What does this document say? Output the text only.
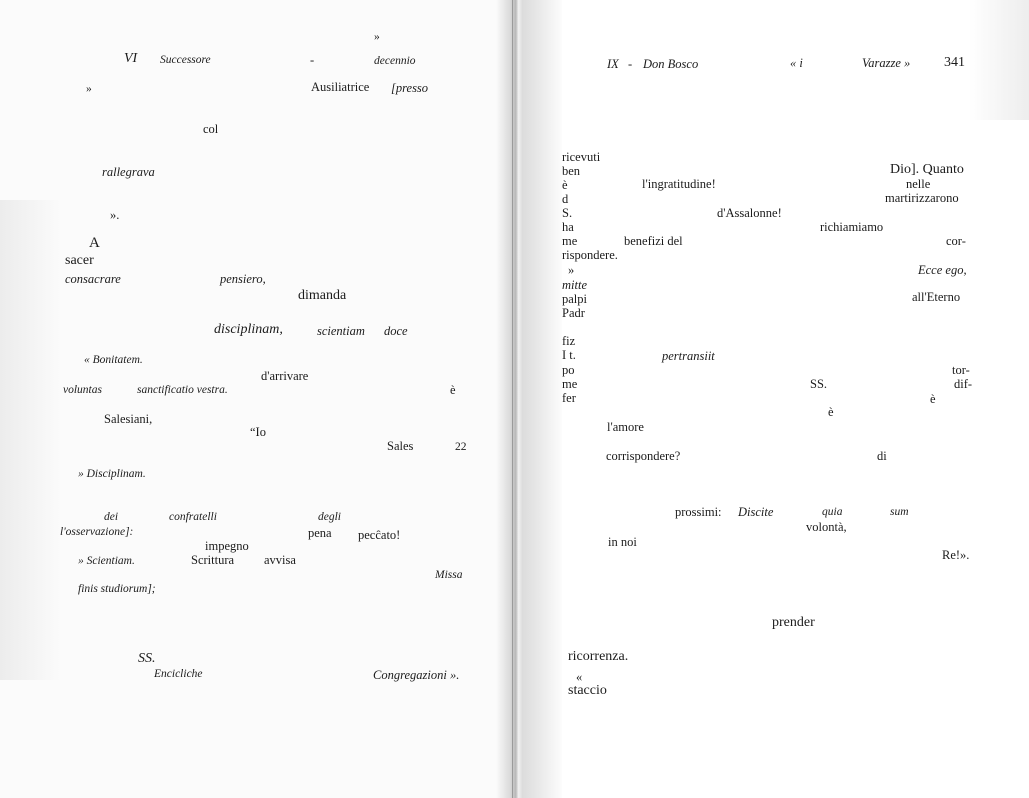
»
VI Successore	-	decennio
»	Ausiliatrice [presso
col
rallegrava
».
A
sacer
consacrare	pensiero,
dimanda
disciplinam,	scientiam doce
« Bonitatem.
d'arrivare
voluntas	sanctificatio vestra.	è
Salesiani,
“Io
Sales	22
» Disciplinam.
dei	confratelli	degli
l'osservazione]:	pena pecĉato!
impegno
» Scientiam.	Scrittura avvisa
Missa
finis studiorum];
SS.
Encicliche	Congregazioni ».
IX - Don Bosco	« i	Varazze » 341
ricevuti
ben	Dio]. Quanto
è	l'ingratitudine!	nelle
d	martirizzarono
S.	d'Assalonne!
ha	richiamiamo
me	benefizi del	cor-
rispondere.
»	Ecce ego,
mitte
palpi	all'Eterno
Padr
fiz
I t.	pertransiit
po	tor-
me	SS.	dif-
fer	è
è
l'amore
corrispondere?	di
prossimi: Discite	quia	sum
volontà,
in noi
Re!».
prender
ricorrenza.
«
staccio
